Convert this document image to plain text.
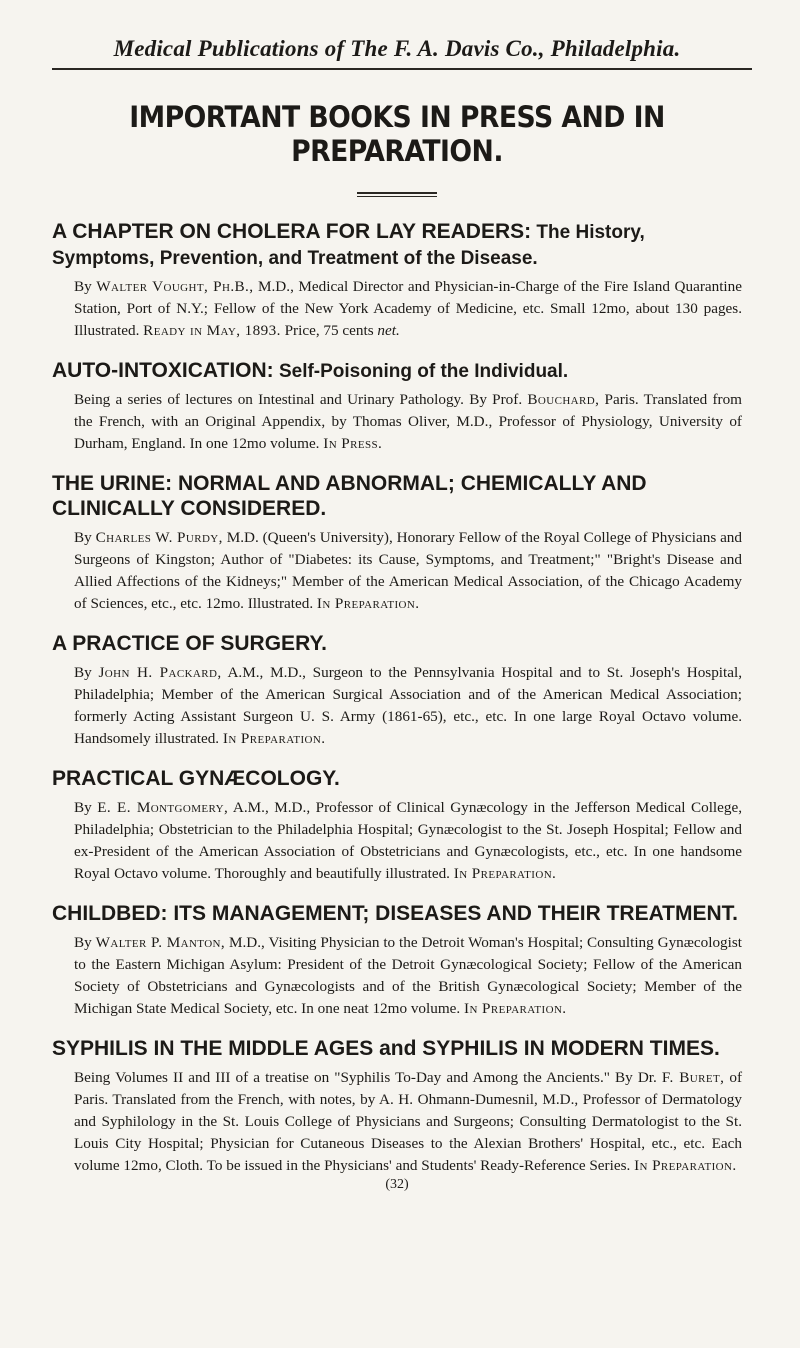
Medical Publications of The F. A. Davis Co., Philadelphia.
IMPORTANT BOOKS IN PRESS AND IN PREPARATION.
A CHAPTER ON CHOLERA FOR LAY READERS: The History, Symptoms, Prevention, and Treatment of the Disease.
By Walter Vought, Ph.B., M.D., Medical Director and Physician-in-Charge of the Fire Island Quarantine Station, Port of N.Y.; Fellow of the New York Academy of Medicine, etc. Small 12mo, about 130 pages. Illustrated. Ready in May, 1893. Price, 75 cents net.
AUTO-INTOXICATION: Self-Poisoning of the Individual.
Being a series of lectures on Intestinal and Urinary Pathology. By Prof. Bouchard, Paris. Translated from the French, with an Original Appendix, by Thomas Oliver, M.D., Professor of Physiology, University of Durham, England. In one 12mo volume. In Press.
THE URINE: NORMAL AND ABNORMAL; CHEMICALLY AND CLINICALLY CONSIDERED.
By Charles W. Purdy, M.D. (Queen's University), Honorary Fellow of the Royal College of Physicians and Surgeons of Kingston; Author of "Diabetes: its Cause, Symptoms, and Treatment;" "Bright's Disease and Allied Affections of the Kidneys;" Member of the American Medical Association, of the Chicago Academy of Sciences, etc., etc. 12mo. Illustrated. In Preparation.
A PRACTICE OF SURGERY.
By John H. Packard, A.M., M.D., Surgeon to the Pennsylvania Hospital and to St. Joseph's Hospital, Philadelphia; Member of the American Surgical Association and of the American Medical Association; formerly Acting Assistant Surgeon U. S. Army (1861-65), etc., etc. In one large Royal Octavo volume. Handsomely illustrated. In Preparation.
PRACTICAL GYNÆCOLOGY.
By E. E. Montgomery, A.M., M.D., Professor of Clinical Gynæcology in the Jefferson Medical College, Philadelphia; Obstetrician to the Philadelphia Hospital; Gynæcologist to the St. Joseph Hospital; Fellow and ex-President of the American Association of Obstetricians and Gynæcologists, etc., etc. In one handsome Royal Octavo volume. Thoroughly and beautifully illustrated. In Preparation.
CHILDBED: ITS MANAGEMENT; DISEASES AND THEIR TREATMENT.
By Walter P. Manton, M.D., Visiting Physician to the Detroit Woman's Hospital; Consulting Gynæcologist to the Eastern Michigan Asylum: President of the Detroit Gynæcological Society; Fellow of the American Society of Obstetricians and Gynæcologists and of the British Gynæcological Society; Member of the Michigan State Medical Society, etc. In one neat 12mo volume. In Preparation.
SYPHILIS IN THE MIDDLE AGES and SYPHILIS IN MODERN TIMES.
Being Volumes II and III of a treatise on "Syphilis To-Day and Among the Ancients." By Dr. F. Buret, of Paris. Translated from the French, with notes, by A. H. Ohmann-Dumesnil, M.D., Professor of Dermatology and Syphilology in the St. Louis College of Physicians and Surgeons; Consulting Dermatologist to the St. Louis City Hospital; Physician for Cutaneous Diseases to the Alexian Brothers' Hospital, etc., etc. Each volume 12mo, Cloth. To be issued in the Physicians' and Students' Ready-Reference Series. In Preparation.
(32)
